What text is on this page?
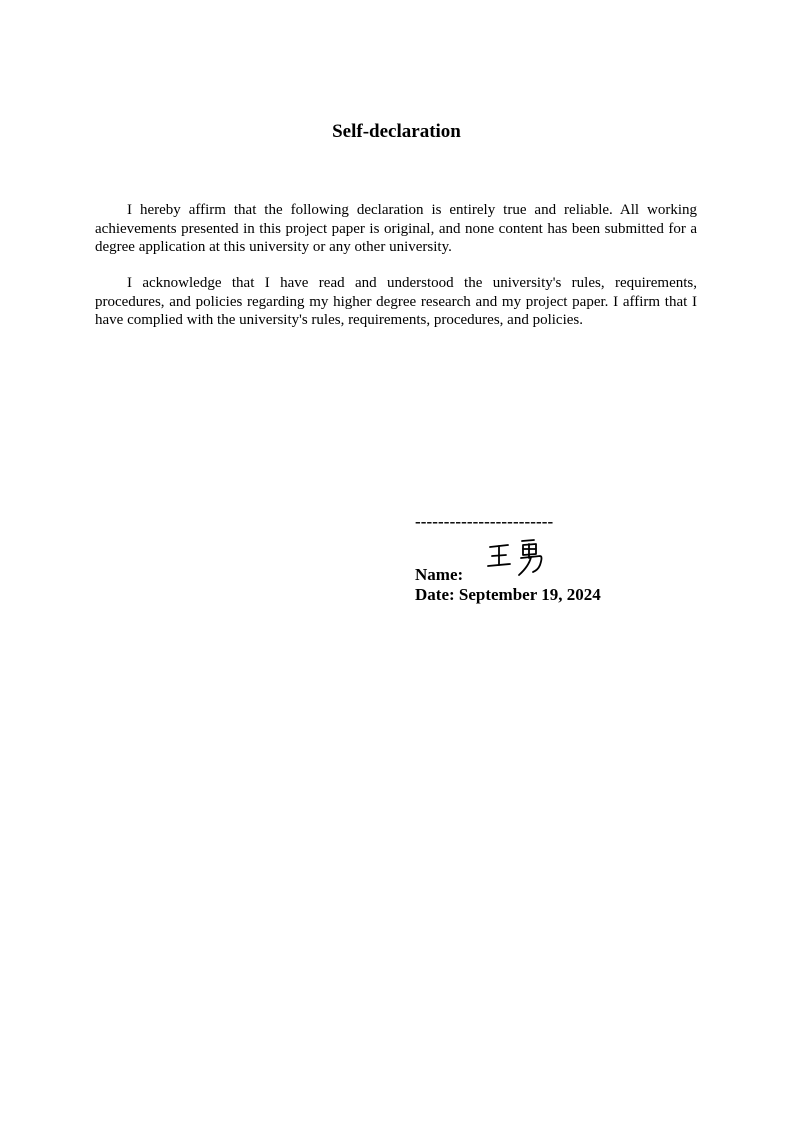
Self-declaration

I hereby affirm that the following declaration is entirely true and reliable. All working achievements presented in this project paper is original, and none content has been submitted for a degree application at this university or any other university.

I acknowledge that I have read and understood the university's rules, requirements, procedures, and policies regarding my higher degree research and my project paper. I affirm that I have complied with the university's rules, requirements, procedures, and policies.

------------------------
Name:
Date: September 19, 2024
